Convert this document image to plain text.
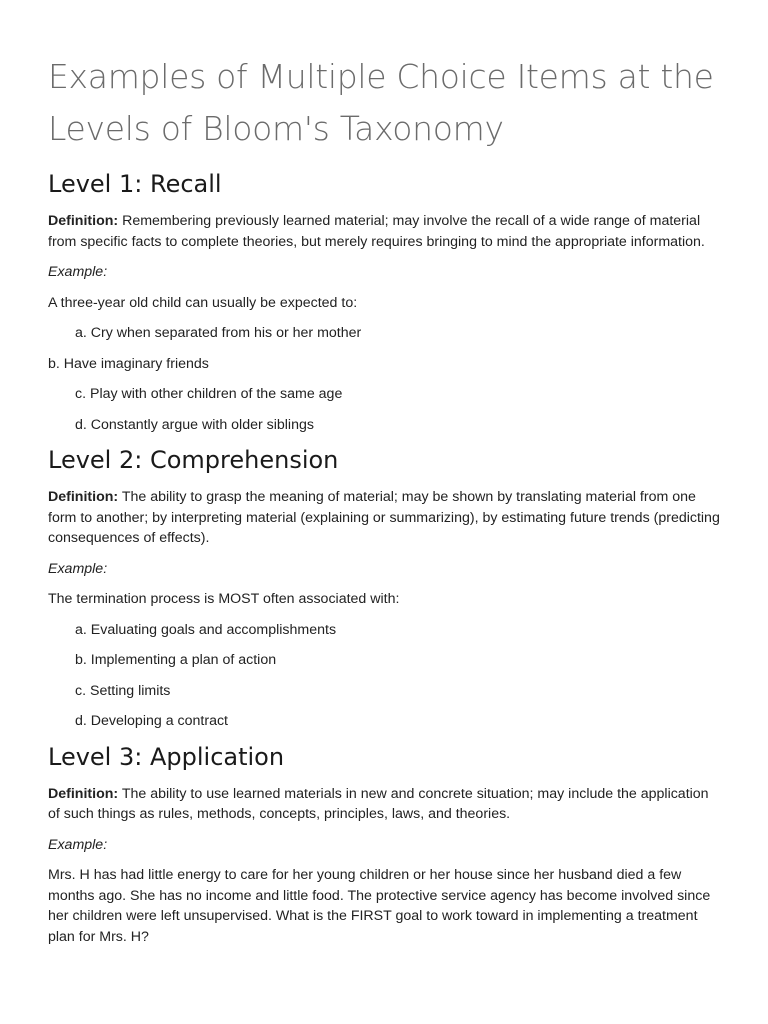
Examples of Multiple Choice Items at the
Levels of Bloom's Taxonomy
Level 1: Recall

Definition: Remembering previously learned material; may involve the recall of a wide range of material from specific facts to complete theories, but merely requires bringing to mind the appropriate information.

Example:

A three-year old child can usually be expected to:

a. Cry when separated from his or her mother
b. Have imaginary friends
c. Play with other children of the same age
d. Constantly argue with older siblings
Level 2: Comprehension

Definition: The ability to grasp the meaning of material; may be shown by translating material from one form to another; by interpreting material (explaining or summarizing), by estimating future trends (predicting consequences of effects).

Example:

The termination process is MOST often associated with:

a. Evaluating goals and accomplishments
b. Implementing a plan of action
c. Setting limits
d. Developing a contract
Level 3: Application

Definition: The ability to use learned materials in new and concrete situation; may include the application of such things as rules, methods, concepts, principles, laws, and theories.

Example:

Mrs. H has had little energy to care for her young children or her house since her husband died a few months ago. She has no income and little food. The protective service agency has become involved since her children were left unsupervised. What is the FIRST goal to work toward in implementing a treatment plan for Mrs. H?
